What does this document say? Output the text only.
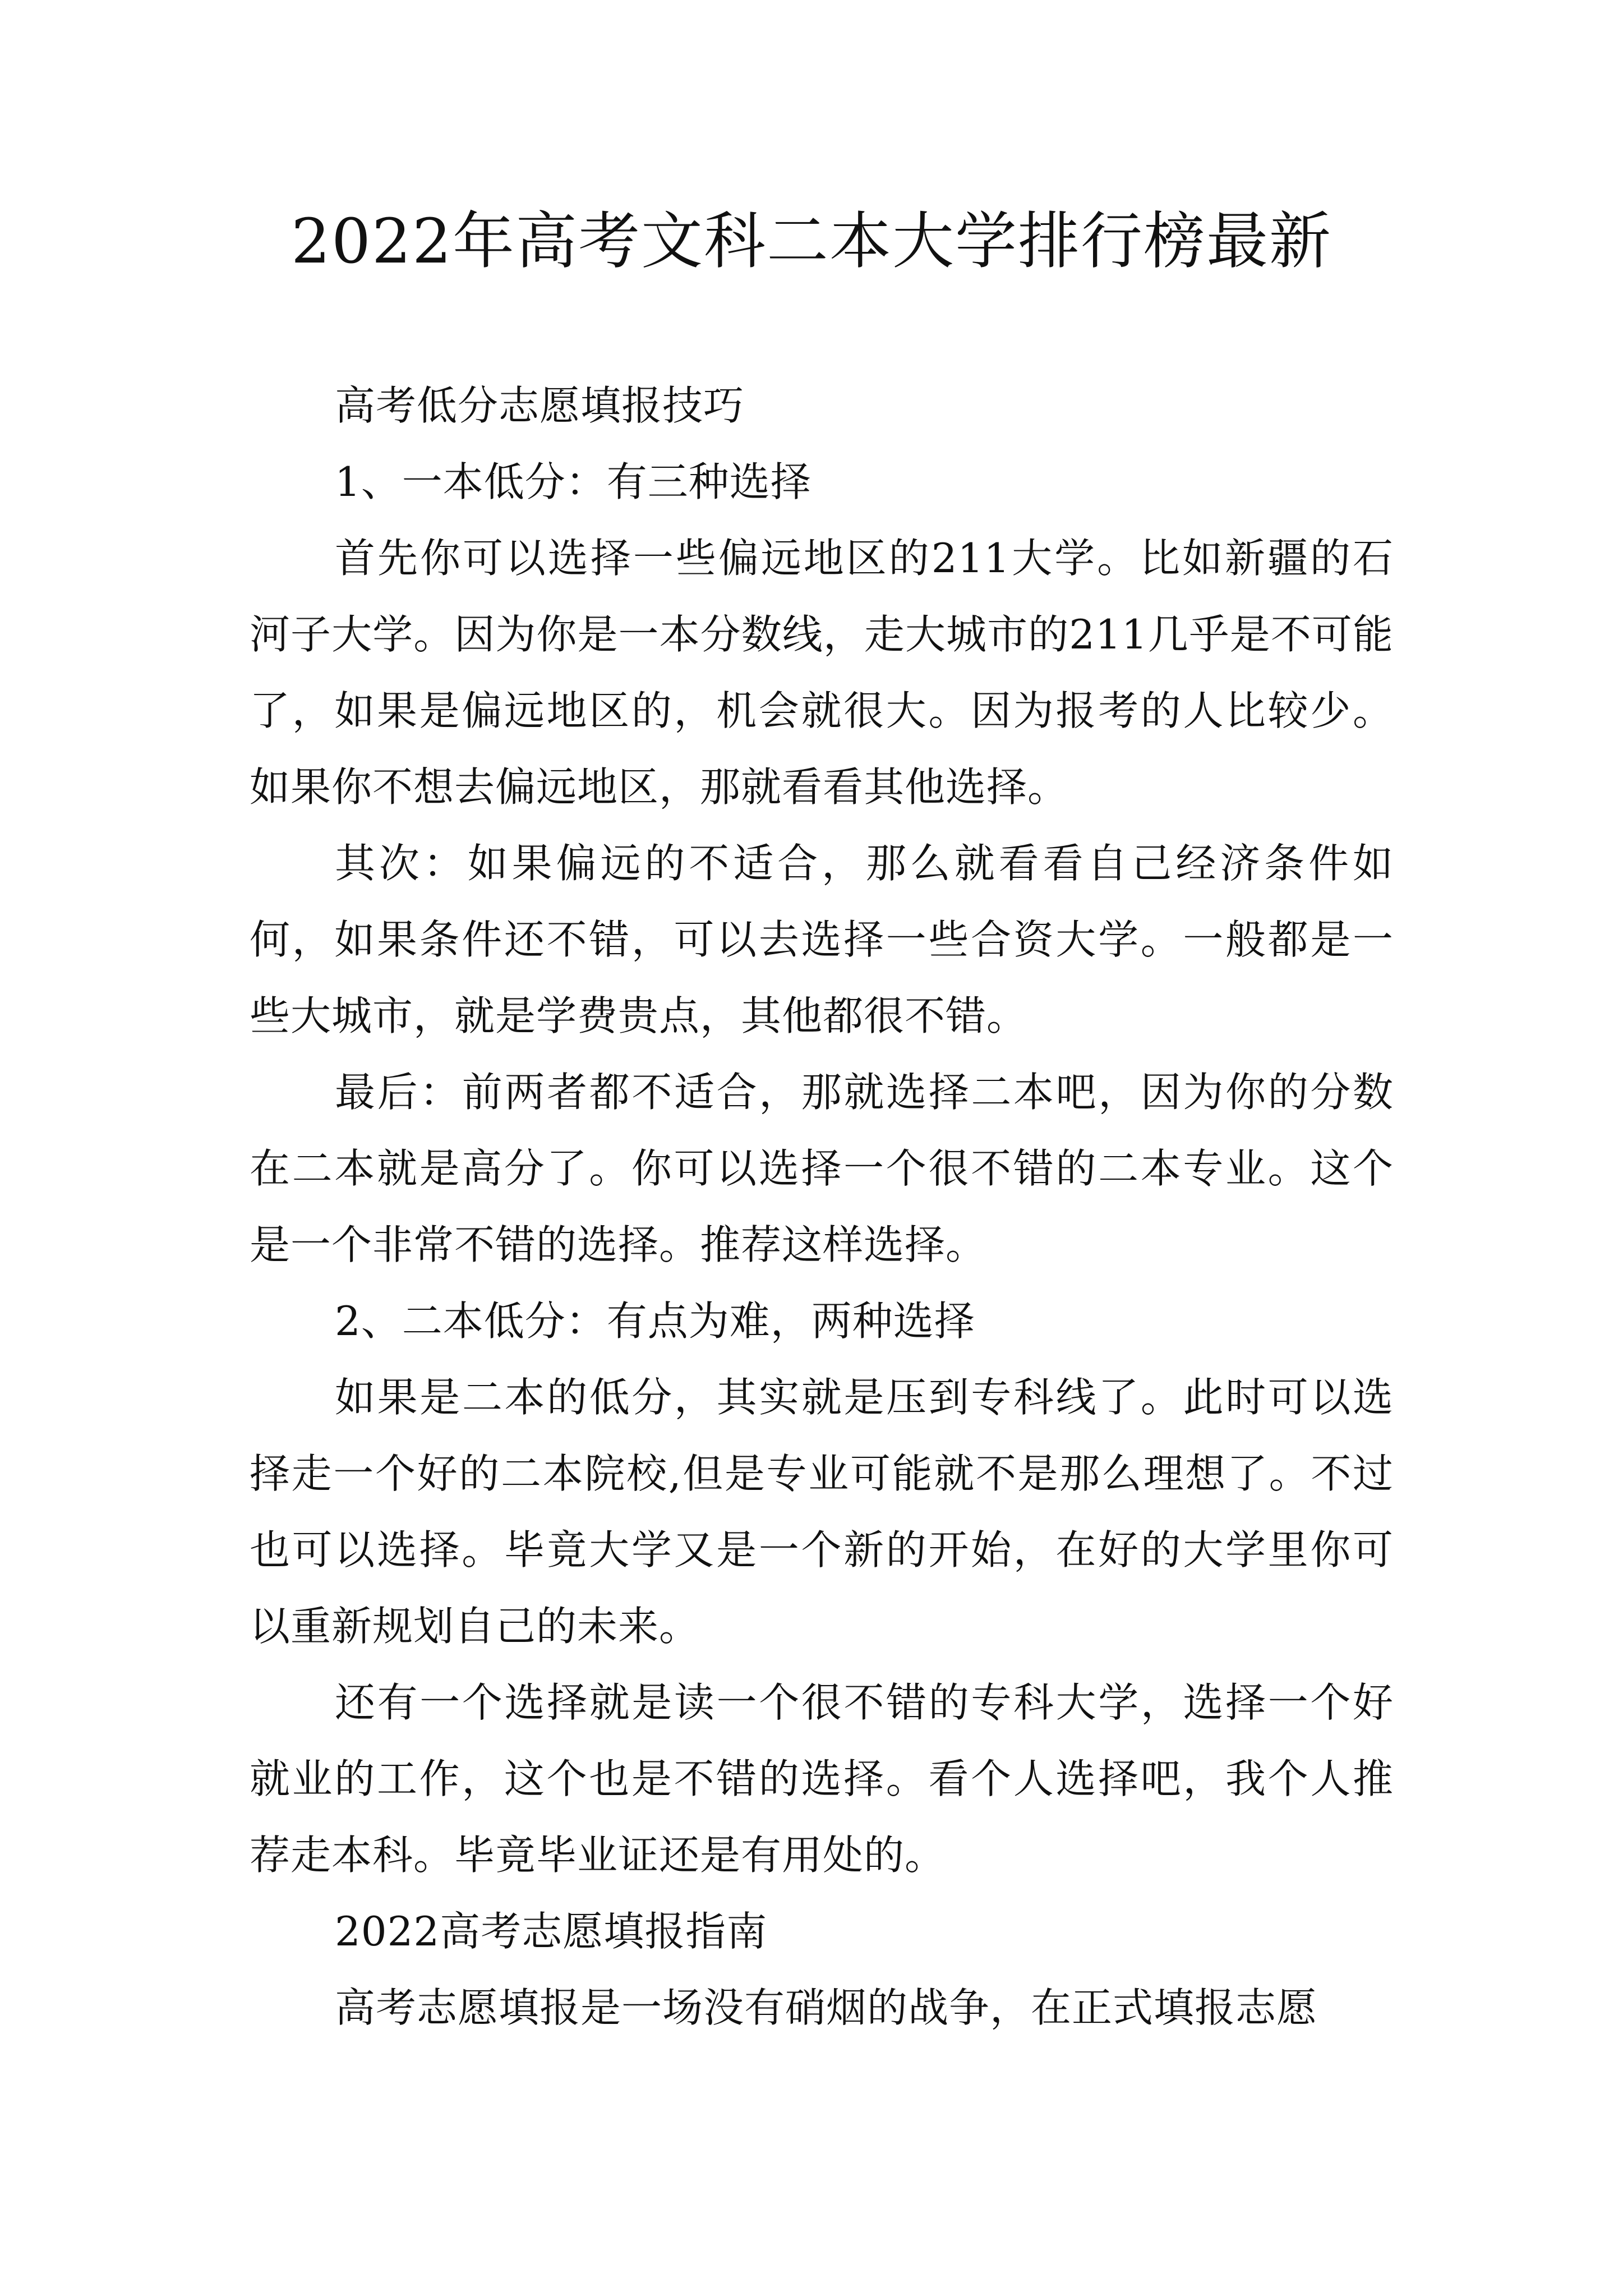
2022年高考文科二本大学排行榜最新

高考低分志愿填报技巧

1、一本低分：有三种选择

首先你可以选择一些偏远地区的211大学。比如新疆的石河子大学。因为你是一本分数线，走大城市的211几乎是不可能了，如果是偏远地区的，机会就很大。因为报考的人比较少。如果你不想去偏远地区，那就看看其他选择。

其次：如果偏远的不适合，那么就看看自己经济条件如何，如果条件还不错，可以去选择一些合资大学。一般都是一些大城市，就是学费贵点，其他都很不错。

最后：前两者都不适合，那就选择二本吧，因为你的分数在二本就是高分了。你可以选择一个很不错的二本专业。这个是一个非常不错的选择。推荐这样选择。

2、二本低分：有点为难，两种选择

如果是二本的低分，其实就是压到专科线了。此时可以选择走一个好的二本院校,但是专业可能就不是那么理想了。不过也可以选择。毕竟大学又是一个新的开始，在好的大学里你可以重新规划自己的未来。

还有一个选择就是读一个很不错的专科大学，选择一个好就业的工作，这个也是不错的选择。看个人选择吧，我个人推荐走本科。毕竟毕业证还是有用处的。

2022高考志愿填报指南

高考志愿填报是一场没有硝烟的战争，在正式填报志愿
